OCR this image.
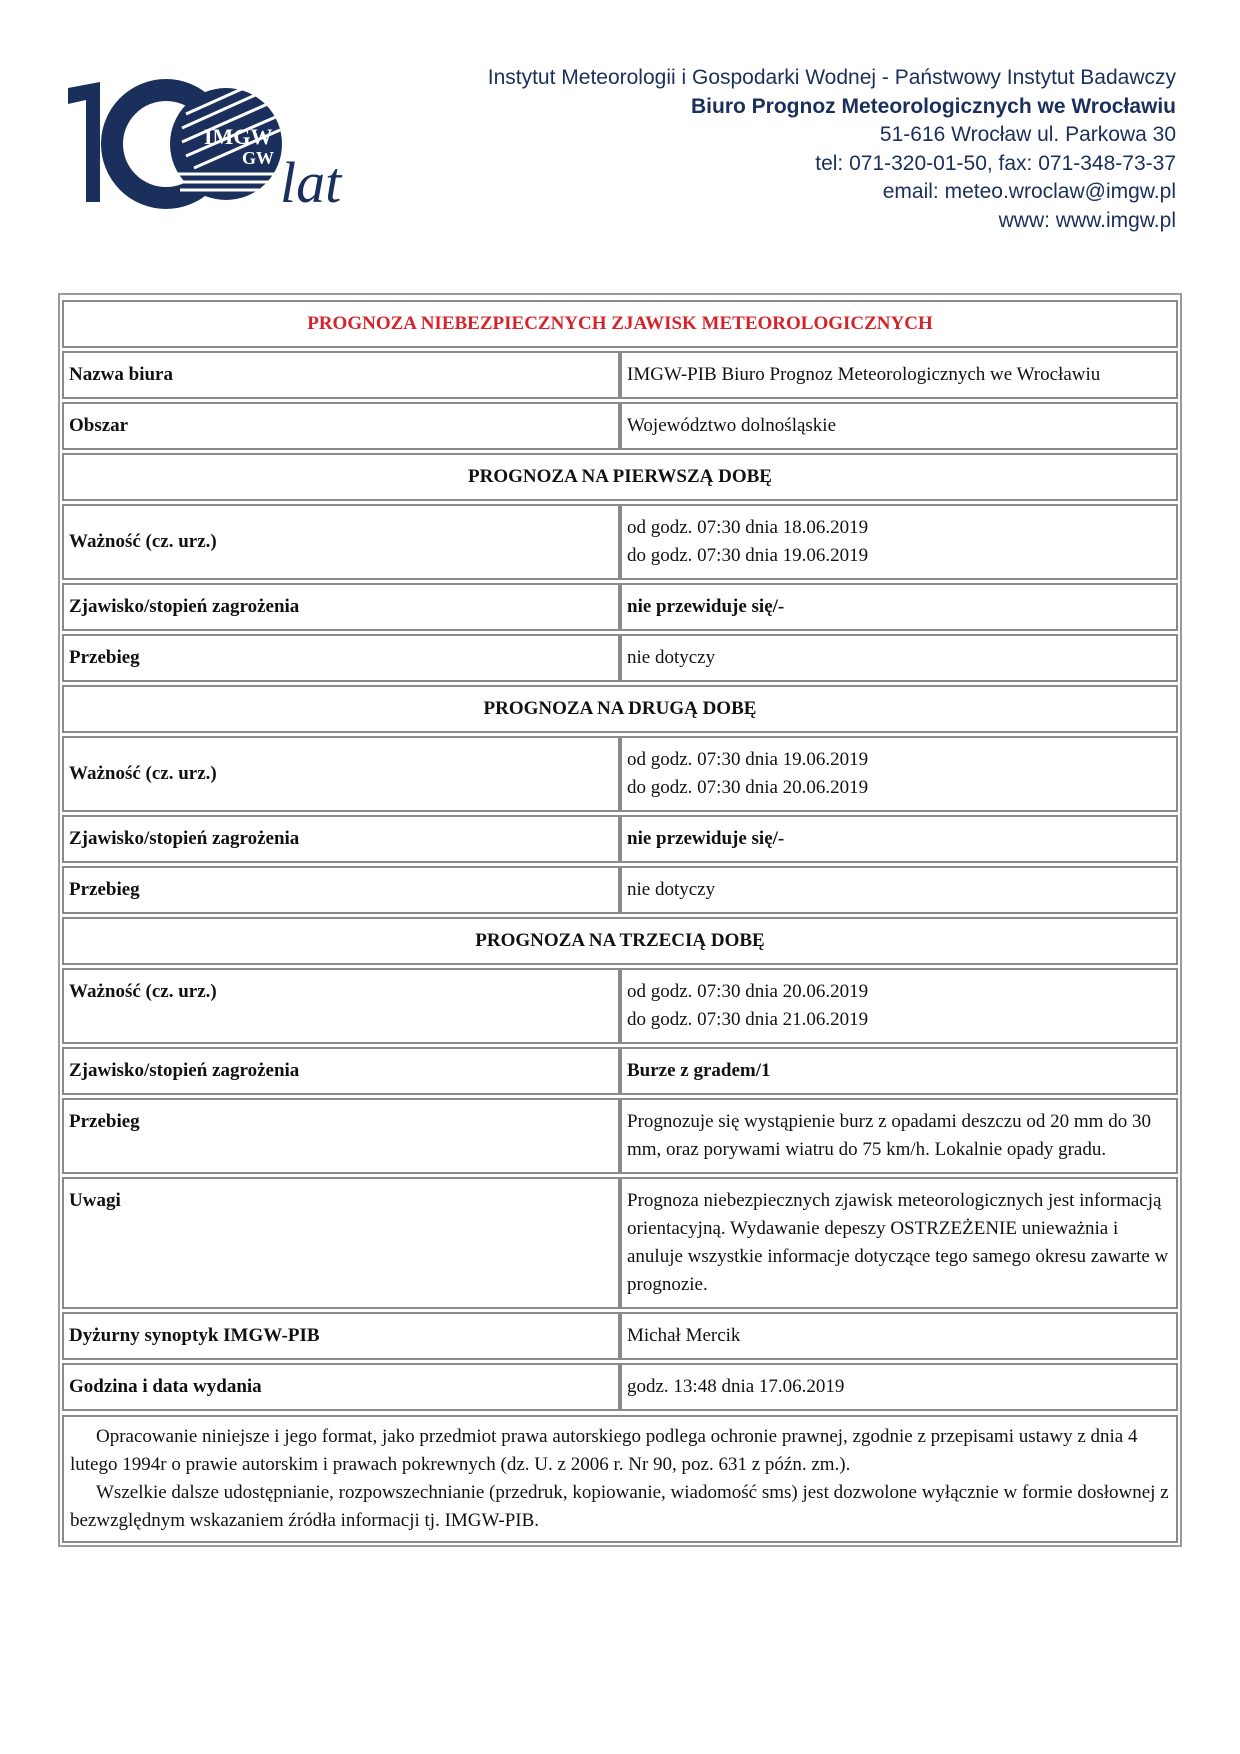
IMGW
GW lat
Instytut Meteorologii i Gospodarki Wodnej - Państwowy Instytut Badawczy
Biuro Prognoz Meteorologicznych we Wrocławiu
51-616 Wrocław ul. Parkowa 30
tel: 071-320-01-50, fax: 071-348-73-37
email: meteo.wroclaw@imgw.pl
www: www.imgw.pl
PROGNOZA NIEBEZPIECZNYCH ZJAWISK METEOROLOGICZNYCH	
Nazwa biura	IMGW-PIB Biuro Prognoz Meteorologicznych we Wrocławiu
Obszar	Województwo dolnośląskie
PROGNOZA NA PIERWSZĄ DOBĘ	
Ważność (cz. urz.)	od godz. 07:30 dnia 18.06.2019
do godz. 07:30 dnia 19.06.2019

Zjawisko/stopień zagrożenia	nie przewiduje się/-
Przebieg	nie dotyczy
PROGNOZA NA DRUGĄ DOBĘ	
Ważność (cz. urz.)	od godz. 07:30 dnia 19.06.2019
do godz. 07:30 dnia 20.06.2019

Zjawisko/stopień zagrożenia	nie przewiduje się/-
Przebieg	nie dotyczy
PROGNOZA NA TRZECIĄ DOBĘ	
Ważność (cz. urz.)	od godz. 07:30 dnia 20.06.2019
do godz. 07:30 dnia 21.06.2019

Zjawisko/stopień zagrożenia	Burze z gradem/1
Przebieg	Prognozuje się wystąpienie burz z opadami deszczu od 20 mm do 30 mm, oraz porywami wiatru do 75 km/h. Lokalnie opady gradu.
Uwagi	Prognoza niebezpiecznych zjawisk meteorologicznych jest informacją orientacyjną. Wydawanie depeszy OSTRZEŻENIE unieważnia i anuluje wszystkie informacje dotyczące tego samego okresu zawarte w prognozie.
Dyżurny synoptyk IMGW-PIB	Michał Mercik
Godzina i data wydania	godz. 13:48 dnia 17.06.2019

Opracowanie niniejsze i jego format, jako przedmiot prawa autorskiego podlega ochronie prawnej, zgodnie z przepisami ustawy z dnia 4 lutego 1994r o prawie autorskim i prawach pokrewnych (dz. U. z 2006 r. Nr 90, poz. 631 z późn. zm.).

Wszelkie dalsze udostępnianie, rozpowszechnianie (przedruk, kopiowanie, wiadomość sms) jest dozwolone wyłącznie w formie dosłownej z bezwzględnym wskazaniem źródła informacji tj. IMGW-PIB.
